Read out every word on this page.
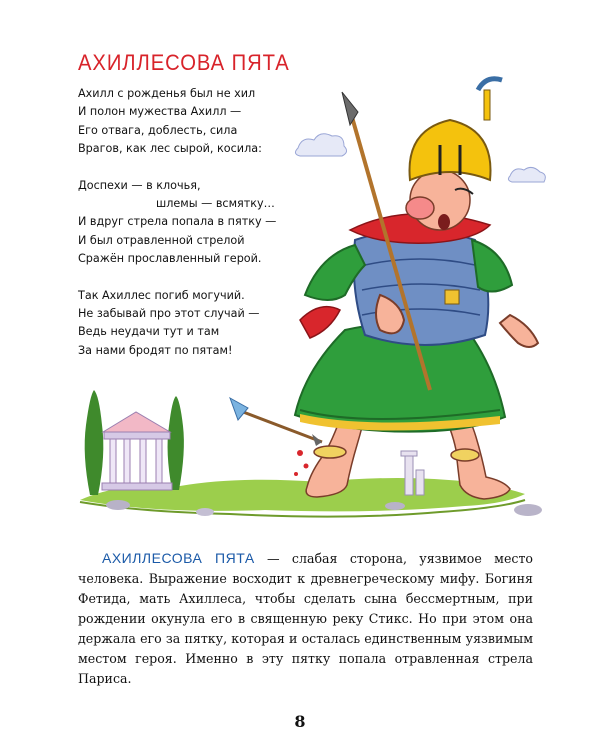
АХИЛЛЕСОВА ПЯТА
Ахилл с рожденья был не хил
И полон мужества Ахилл —
Его отвага, доблесть, сила
Врагов, как лес сырой, косила:
Доспехи — в клочья,
шлемы — всмятку…
И вдруг стрела попала в пятку —
И был отравленной стрелой
Сражён прославленный герой.
Так Ахиллес погиб могучий.
Не забывай про этот случай —
Ведь неудачи тут и там
За нами бродят по пятам!
АХИЛЛЕСОВА ПЯТА — слабая сторона, уязвимое место человека. Выражение восходит к древнегреческому мифу. Богиня Фетида, мать Ахиллеса, чтобы сделать сына бессмертным, при рождении окунула его в священную реку Стикс. Но при этом она держала его за пятку, которая и осталась единственным уязвимым местом героя. Именно в эту пятку попала отравленная стрела Париса.
8
